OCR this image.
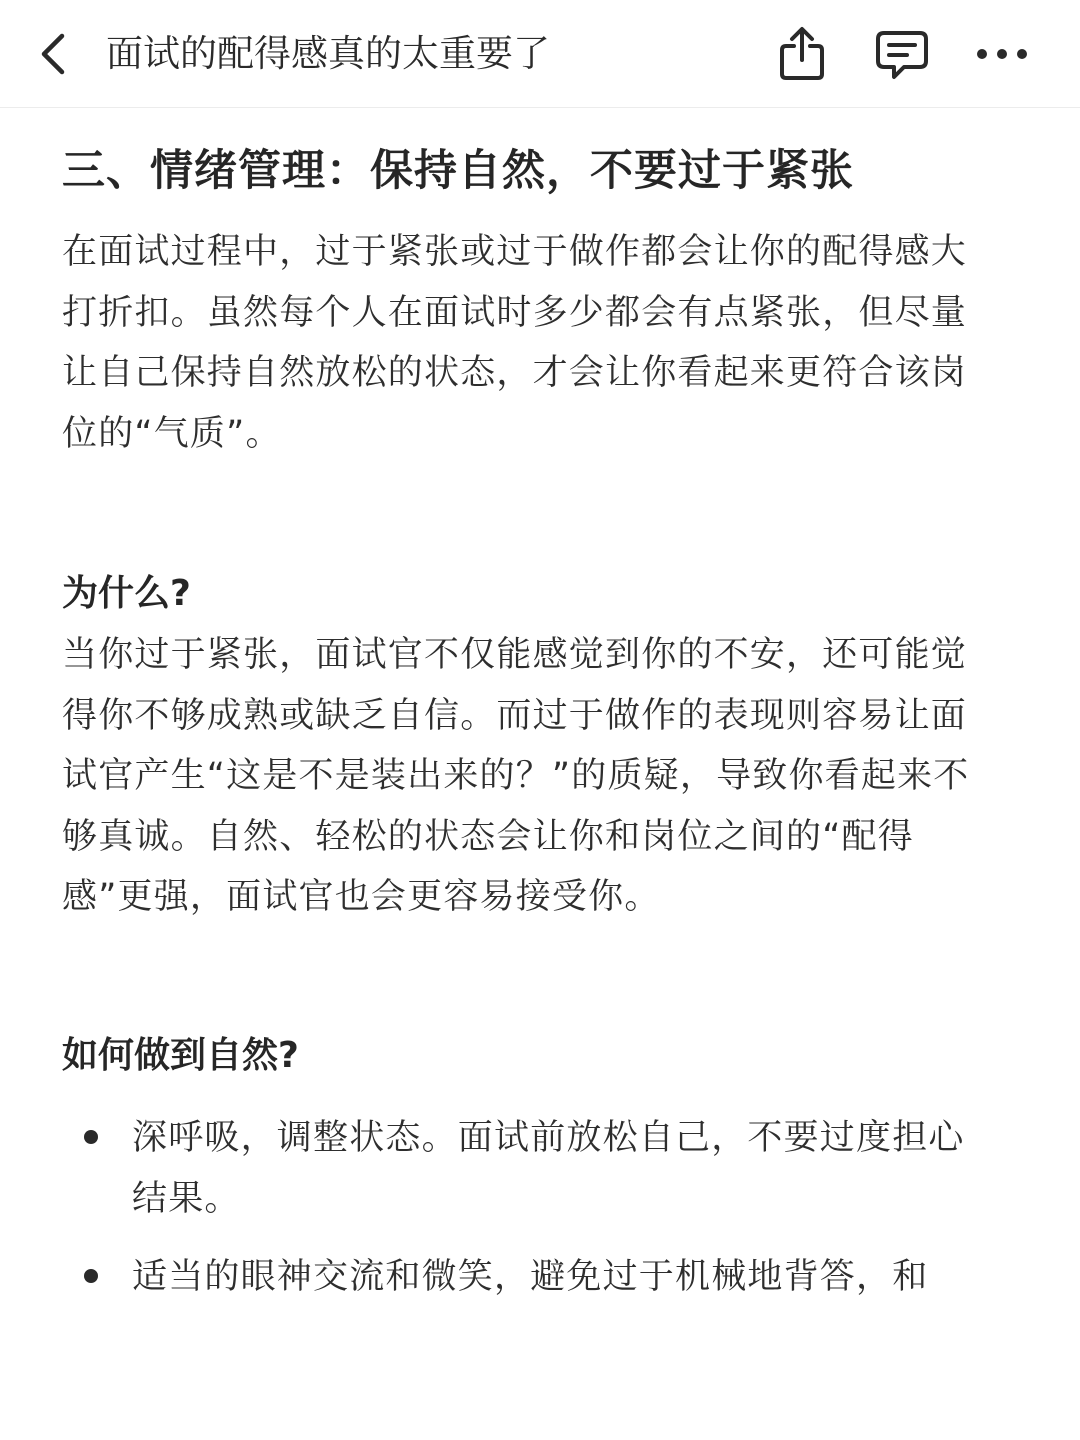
面试的配得感真的太重要了
三、情绪管理：保持自然，不要过于紧张
在面试过程中，过于紧张或过于做作都会让你的配得感大打折扣。虽然每个人在面试时多少都会有点紧张，但尽量让自己保持自然放松的状态，才会让你看起来更符合该岗位的“气质”。
为什么?
当你过于紧张，面试官不仅能感觉到你的不安，还可能觉得你不够成熟或缺乏自信。而过于做作的表现则容易让面试官产生“这是不是装出来的？”的质疑，导致你看起来不够真诚。自然、轻松的状态会让你和岗位之间的“配得感”更强，面试官也会更容易接受你。
如何做到自然?
深呼吸，调整状态。面试前放松自己，不要过度担心结果。
适当的眼神交流和微笑，避免过于机械地背答，和
